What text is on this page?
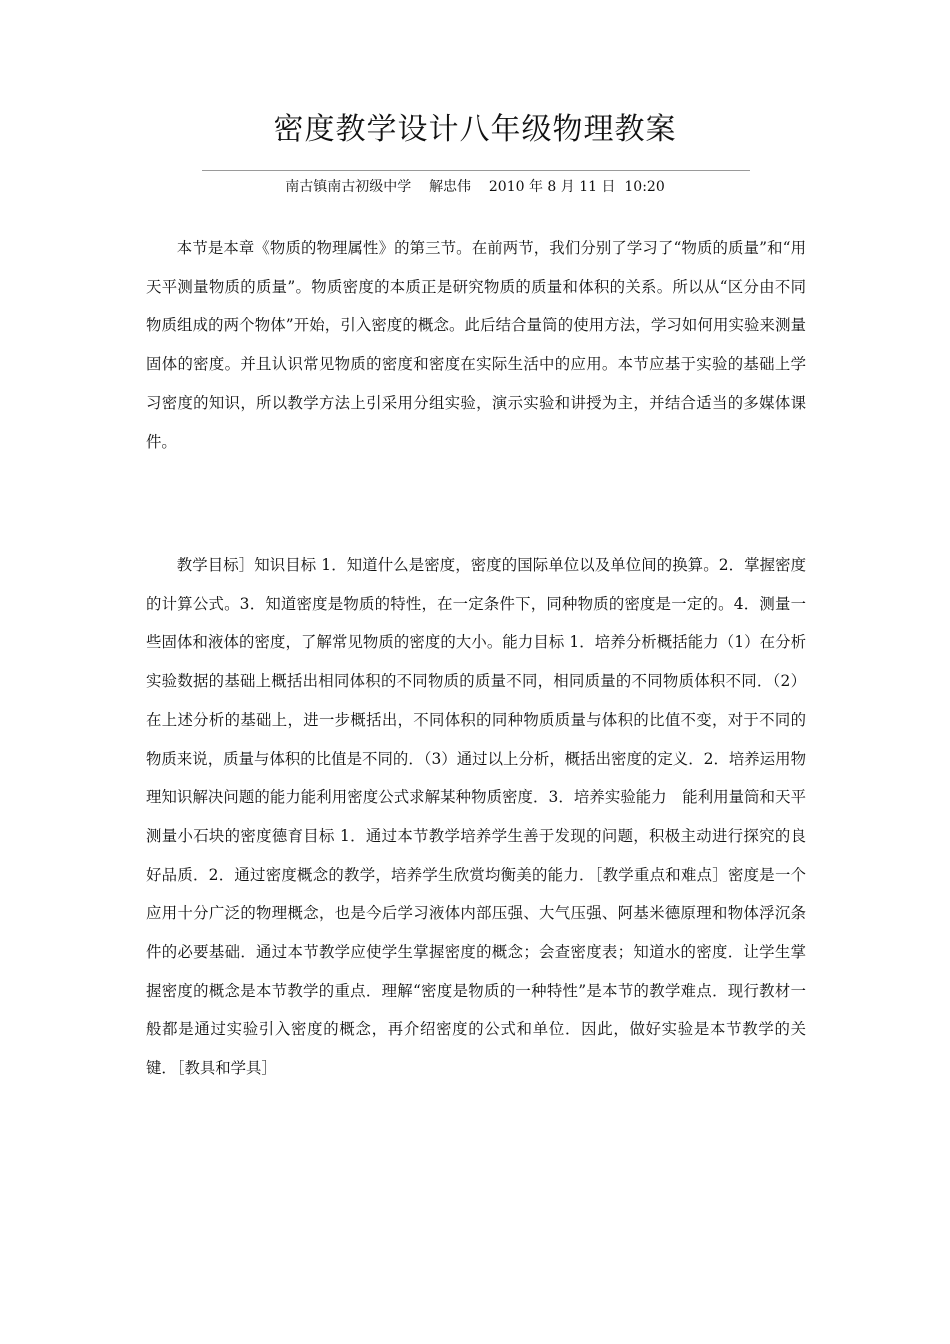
密度教学设计八年级物理教案
南古镇南古初级中学 解忠伟 2010 年 8 月 11 日  10:20

本节是本章《物质的物理属性》的第三节。在前两节，我们分别了学习了“物质的质量”和“用天平测量物质的质量”。物质密度的本质正是研究物质的质量和体积的关系。所以从“区分由不同物质组成的两个物体”开始，引入密度的概念。此后结合量筒的使用方法，学习如何用实验来测量固体的密度。并且认识常见物质的密度和密度在实际生活中的应用。本节应基于实验的基础上学习密度的知识，所以教学方法上引采用分组实验，演示实验和讲授为主，并结合适当的多媒体课件。

教学目标］知识目标 1．知道什么是密度，密度的国际单位以及单位间的换算。2．掌握密度的计算公式。3．知道密度是物质的特性，在一定条件下，同种物质的密度是一定的。4．测量一些固体和液体的密度，了解常见物质的密度的大小。能力目标 1．培养分析概括能力（1）在分析实验数据的基础上概括出相同体积的不同物质的质量不同，相同质量的不同物质体积不同．（2）在上述分析的基础上，进一步概括出，不同体积的同种物质质量与体积的比值不变，对于不同的物质来说，质量与体积的比值是不同的．（3）通过以上分析，概括出密度的定义．2．培养运用物理知识解决问题的能力能利用密度公式求解某种物质密度．3．培养实验能力　能利用量筒和天平测量小石块的密度德育目标 1．通过本节教学培养学生善于发现的问题，积极主动进行探究的良好品质．2．通过密度概念的教学，培养学生欣赏均衡美的能力．［教学重点和难点］密度是一个应用十分广泛的物理概念，也是今后学习液体内部压强、大气压强、阿基米德原理和物体浮沉条件的必要基础．通过本节教学应使学生掌握密度的概念；会查密度表；知道水的密度．让学生掌握密度的概念是本节教学的重点．理解“密度是物质的一种特性”是本节的教学难点．现行教材一般都是通过实验引入密度的概念，再介绍密度的公式和单位．因此，做好实验是本节教学的关键．［教具和学具］
